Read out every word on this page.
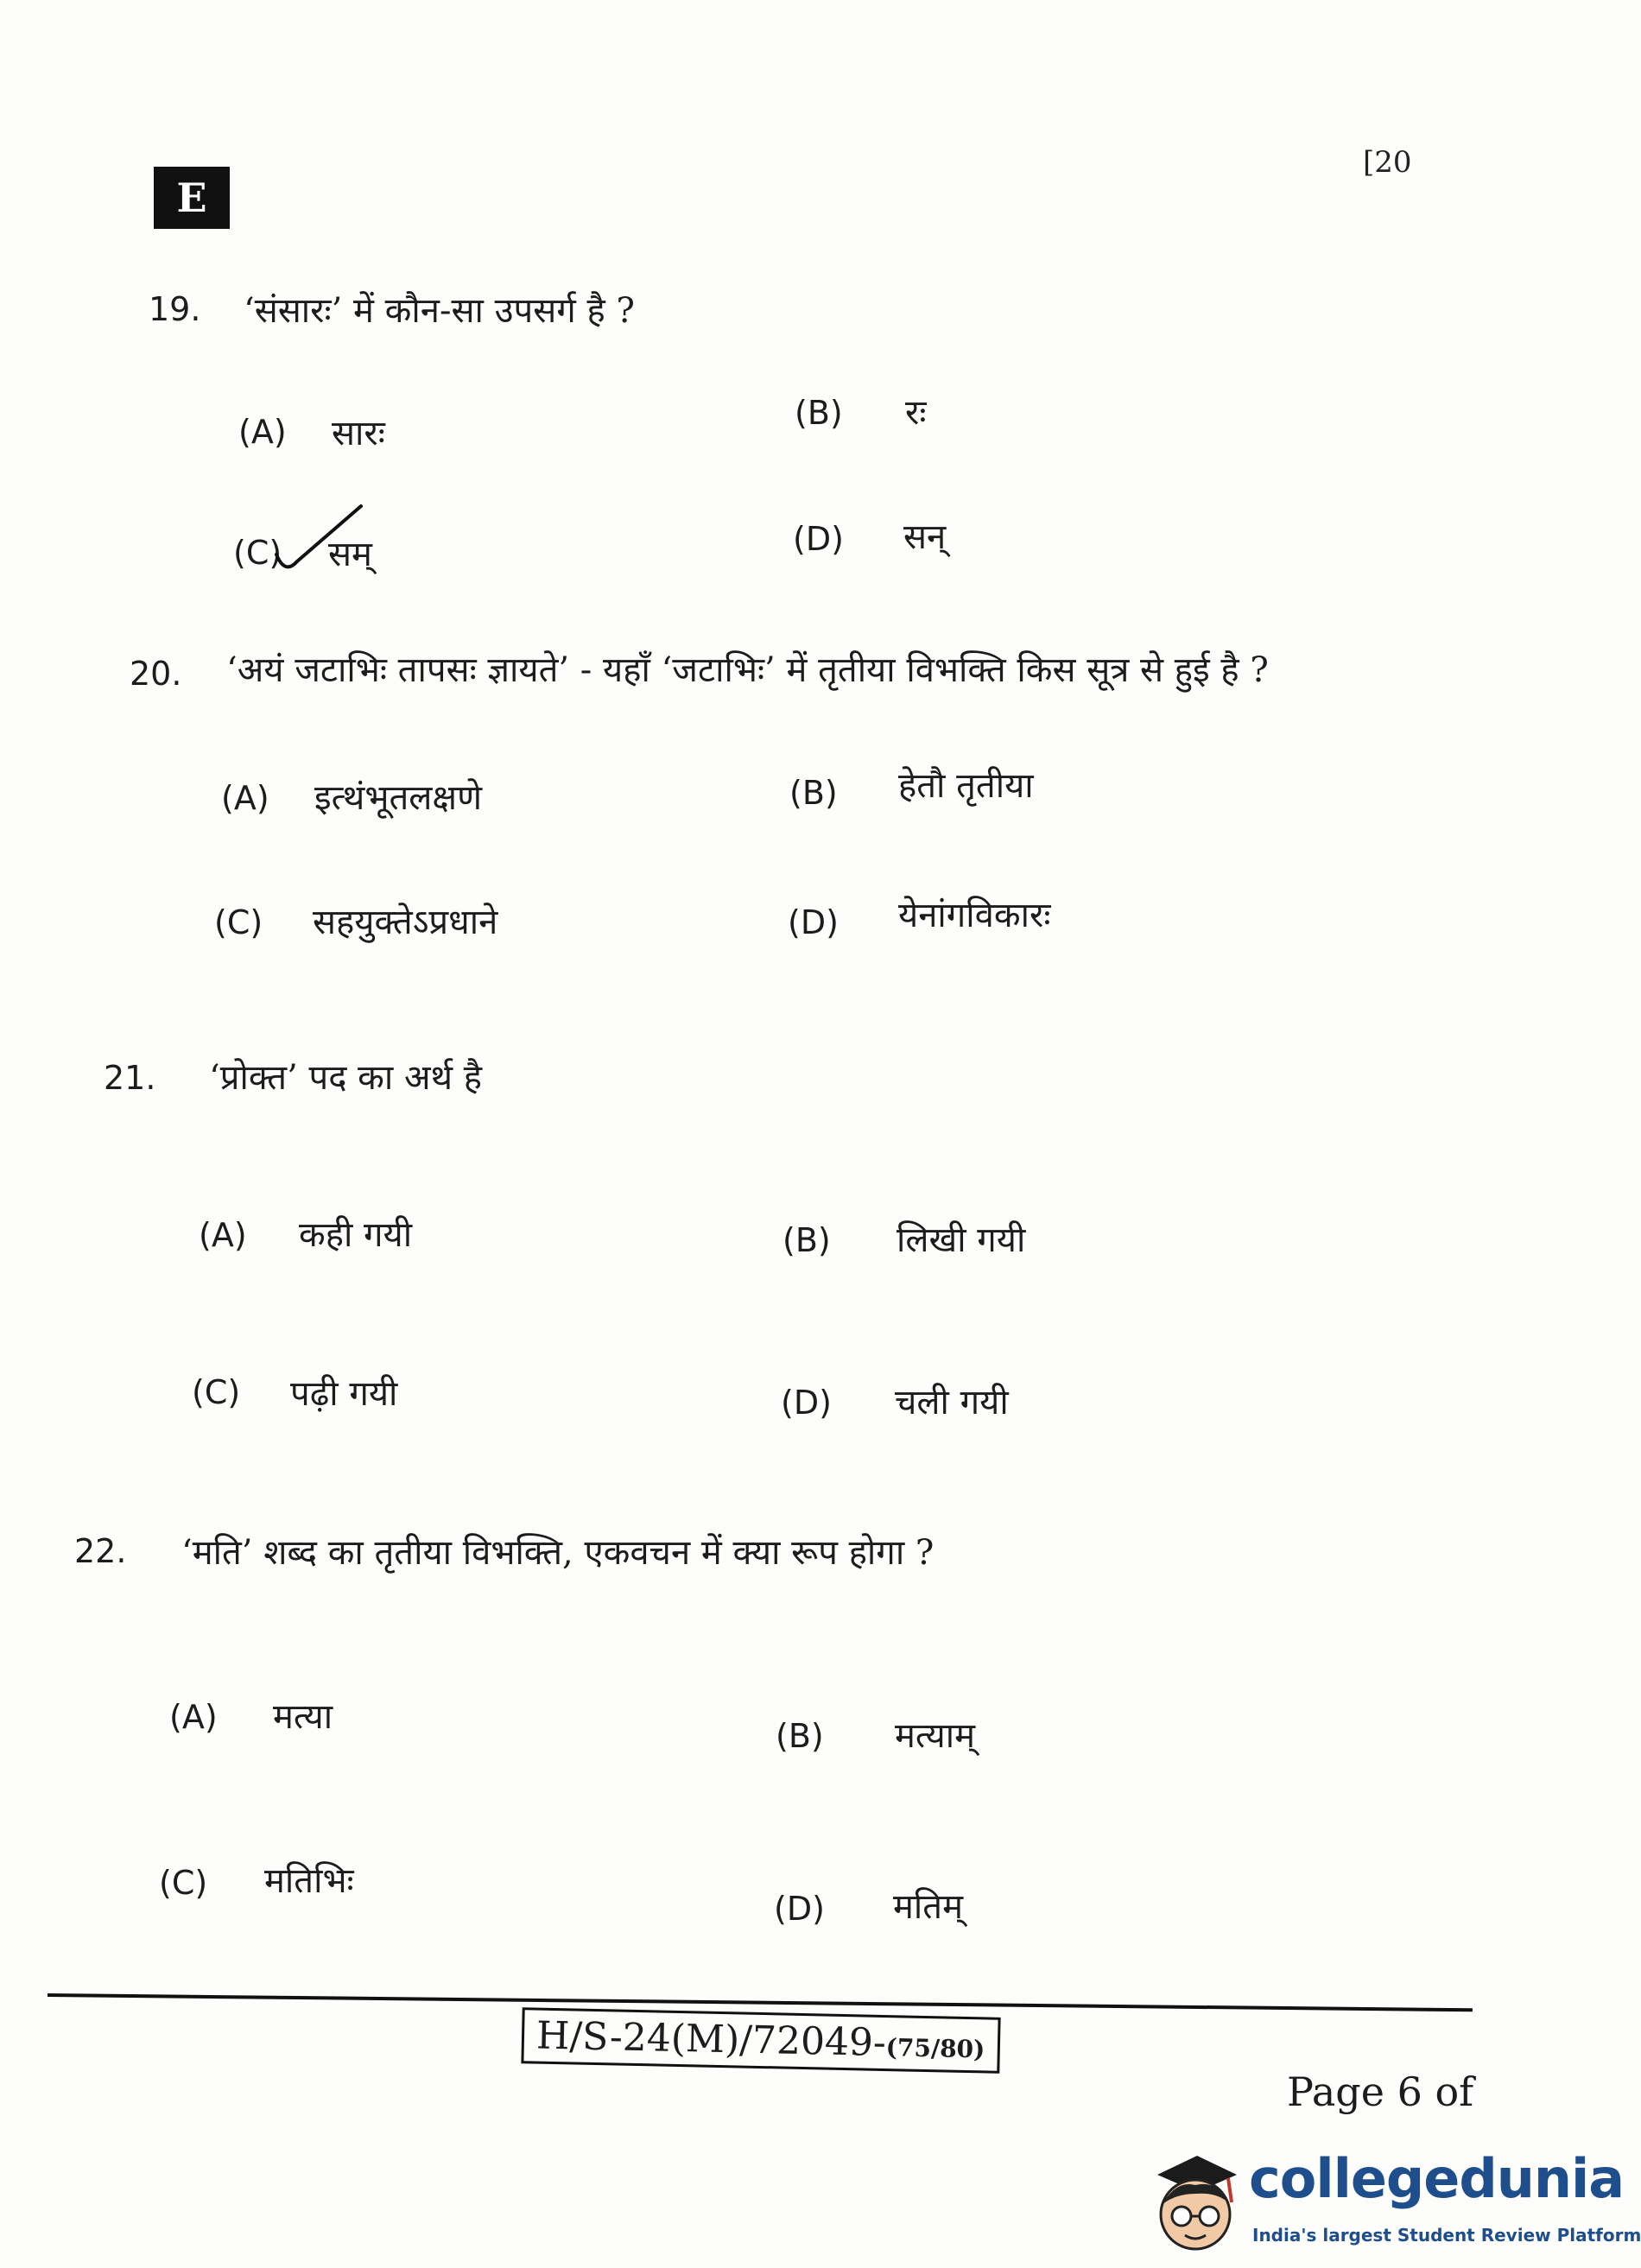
E
[20
19. ‘संसारः’ में कौन-सा उपसर्ग है ?
(A) सारः
(B) रः
(C) सम्	(D) सन्
20. ‘अयं जटाभिः तापसः ज्ञायते’ - यहाँ ‘जटाभिः’ में तृतीया विभक्ति किस सूत्र से हुई है ?
(A) इत्थंभूतलक्षणे	(B) हेतौ तृतीया
(C) सहयुक्तेऽप्रधाने	(D) येनांगविकारः
21. ‘प्रोक्त’ पद का अर्थ है
(A) कही गयी	(B) लिखी गयी
(C) पढ़ी गयी	(D) चली गयी
22. ‘मति’ शब्द का तृतीया विभक्ति, एकवचन में क्या रूप होगा ?
(A) मत्या	(B) मत्याम्
(C) मतिभिः
(D) मतिम्
H/S-24(M)/72049-(75/80)
Page 6 of
collegedunia
India's largest Student Review Platform
